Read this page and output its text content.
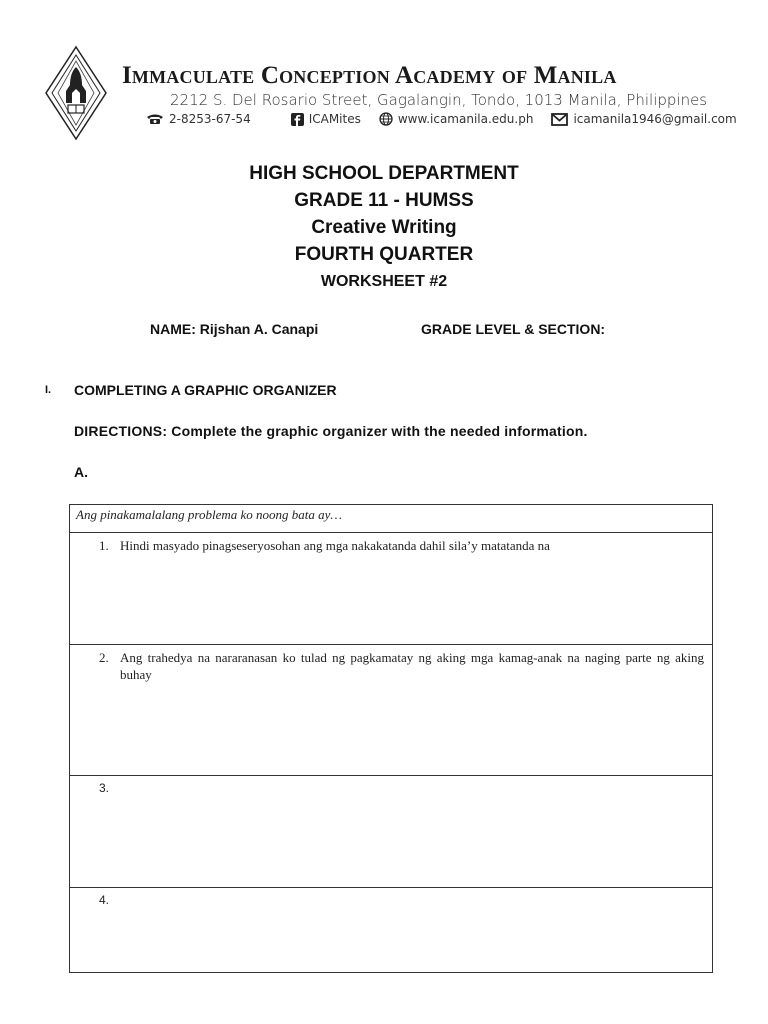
Immaculate Conception Academy of Manila
2212 S. Del Rosario Street, Gagalangin, Tondo, 1013 Manila, Philippines
2-8253-67-54	ICAMites	www.icamanila.edu.ph	icamanila1946@gmail.com
HIGH SCHOOL DEPARTMENT
GRADE 11 - HUMSS
Creative Writing
FOURTH QUARTER
WORKSHEET #2
NAME: Rijshan A. Canapi	GRADE LEVEL & SECTION:
I. COMPLETING A GRAPHIC ORGANIZER
DIRECTIONS: Complete the graphic organizer with the needed information.
A.
Ang pinakamalalang problema ko noong bata ay…
1. Hindi masyado pinagseseryosohan ang mga nakakatanda dahil sila’y matatanda na
2. Ang trahedya na nararanasan ko tulad ng pagkamatay ng aking mga kamag-anak na naging parte ng aking buhay
3.
4.
